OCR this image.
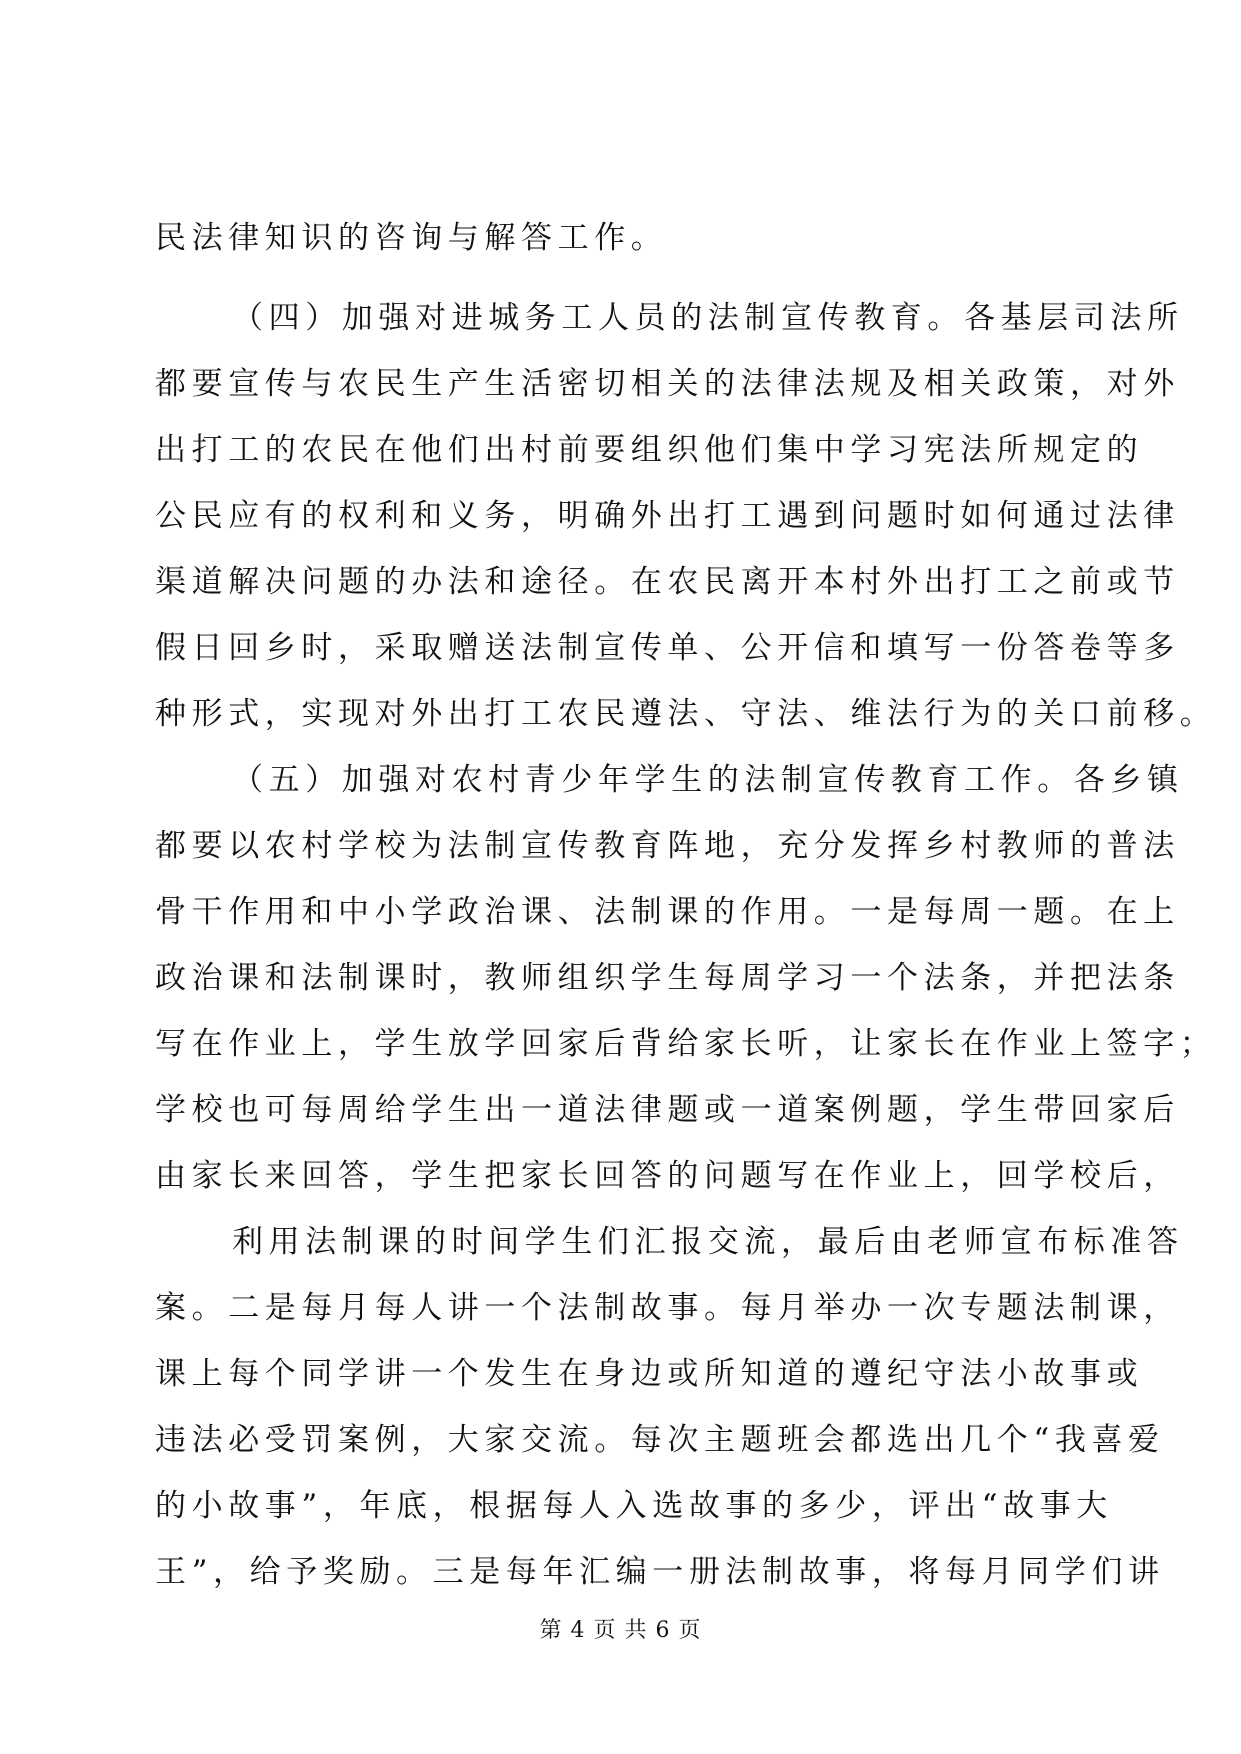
民法律知识的咨询与解答工作。
（四）加强对进城务工人员的法制宣传教育。各基层司法所
都要宣传与农民生产生活密切相关的法律法规及相关政策，对外
出打工的农民在他们出村前要组织他们集中学习宪法所规定的
公民应有的权利和义务，明确外出打工遇到问题时如何通过法律
渠道解决问题的办法和途径。在农民离开本村外出打工之前或节
假日回乡时，采取赠送法制宣传单、公开信和填写一份答卷等多
种形式，实现对外出打工农民遵法、守法、维法行为的关口前移。
（五）加强对农村青少年学生的法制宣传教育工作。各乡镇
都要以农村学校为法制宣传教育阵地，充分发挥乡村教师的普法
骨干作用和中小学政治课、法制课的作用。一是每周一题。在上
政治课和法制课时，教师组织学生每周学习一个法条，并把法条
写在作业上，学生放学回家后背给家长听，让家长在作业上签字；
学校也可每周给学生出一道法律题或一道案例题，学生带回家后
由家长来回答，学生把家长回答的问题写在作业上，回学校后，
利用法制课的时间学生们汇报交流，最后由老师宣布标准答
案。二是每月每人讲一个法制故事。每月举办一次专题法制课，
课上每个同学讲一个发生在身边或所知道的遵纪守法小故事或
违法必受罚案例，大家交流。每次主题班会都选出几个“我喜爱
的小故事”，年底，根据每人入选故事的多少，评出“故事大
王”，给予奖励。三是每年汇编一册法制故事，将每月同学们讲
第 4 页 共 6 页
